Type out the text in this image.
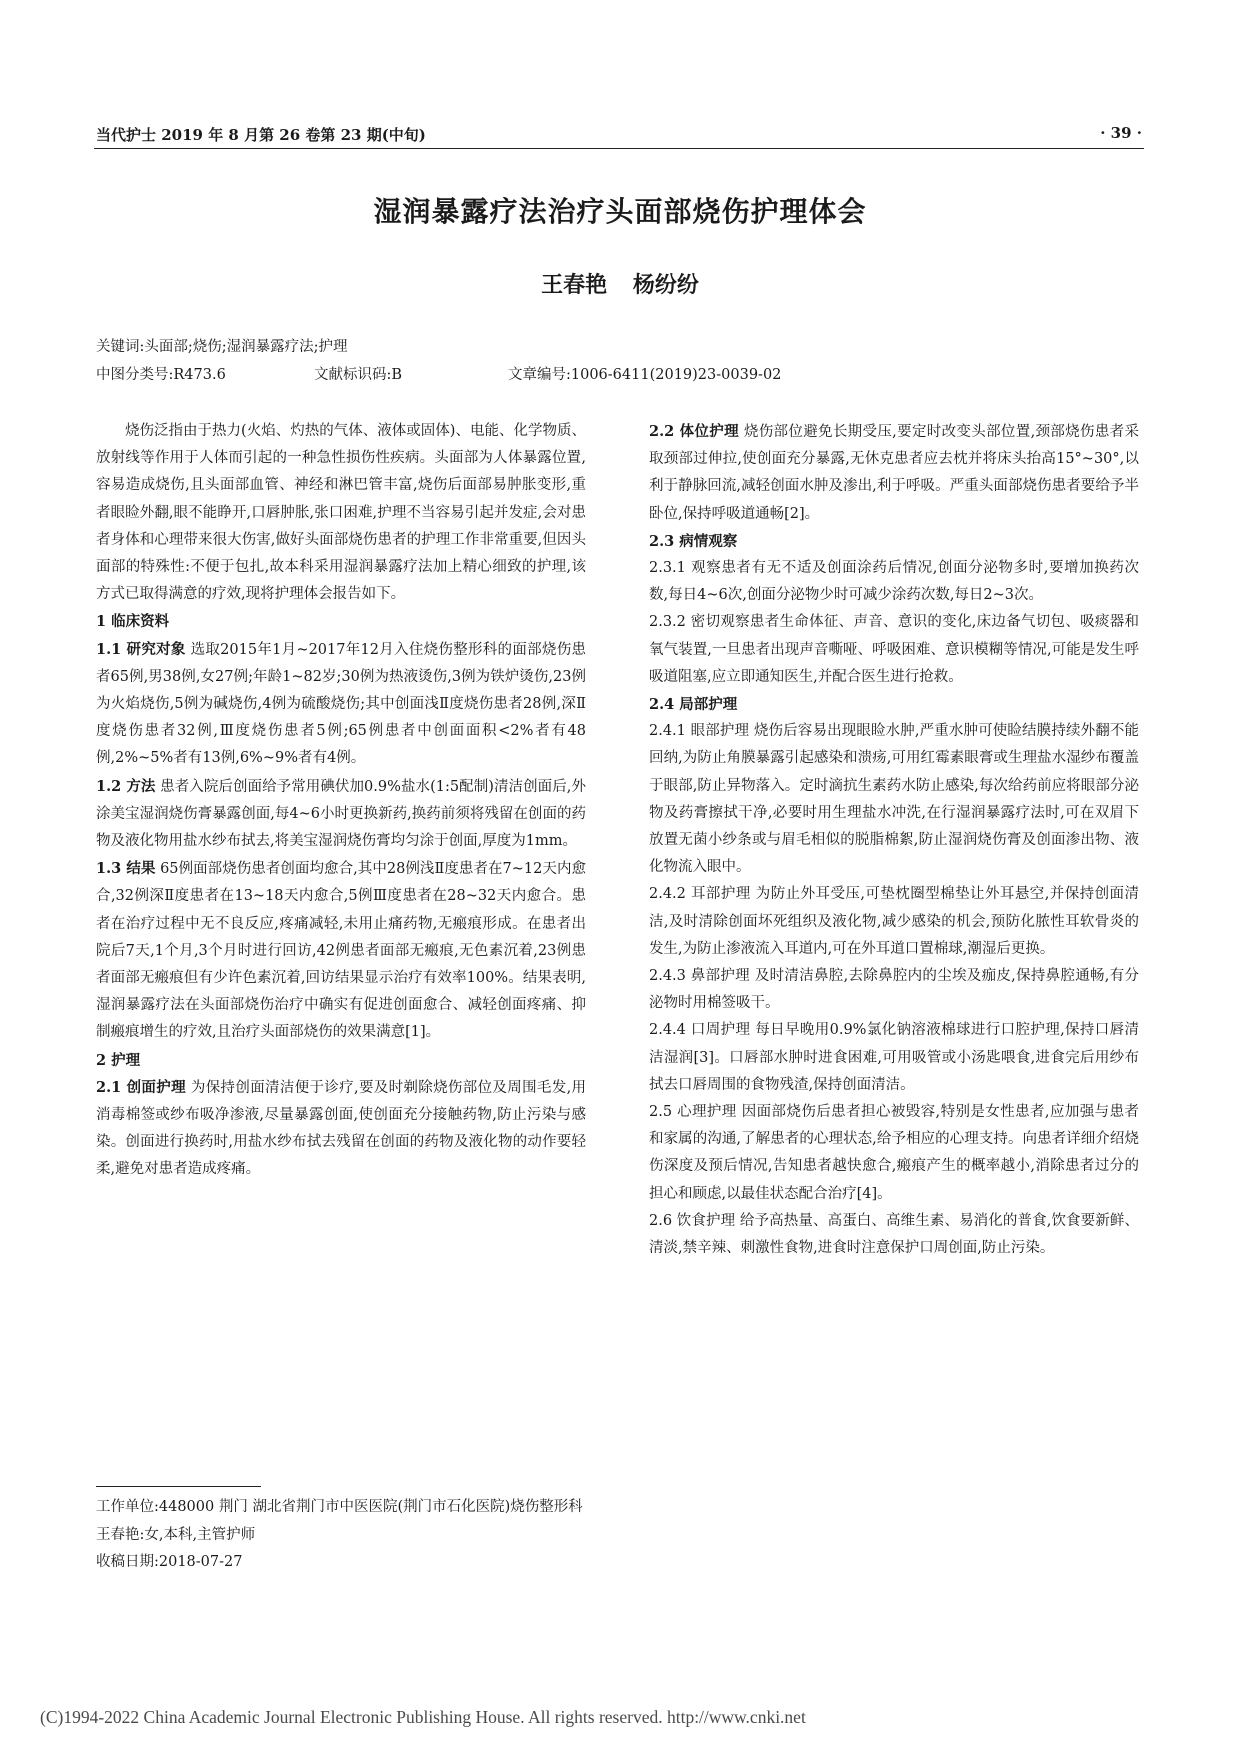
当代护士 2019 年 8 月第 26 卷第 23 期(中旬)	· 39 ·
湿润暴露疗法治疗头面部烧伤护理体会
王春艳 杨纷纷
关键词:头面部;烧伤;湿润暴露疗法;护理
中图分类号:R473.6	文献标识码:B	文章编号:1006-6411(2019)23-0039-02

烧伤泛指由于热力(火焰、灼热的气体、液体或固体)、电能、化学物质、放射线等作用于人体而引起的一种急性损伤性疾病。头面部为人体暴露位置,容易造成烧伤,且头面部血管、神经和淋巴管丰富,烧伤后面部易肿胀变形,重者眼睑外翻,眼不能睁开,口唇肿胀,张口困难,护理不当容易引起并发症,会对患者身体和心理带来很大伤害,做好头面部烧伤患者的护理工作非常重要,但因头面部的特殊性:不便于包扎,故本科采用湿润暴露疗法加上精心细致的护理,该方式已取得满意的疗效,现将护理体会报告如下。

1 临床资料

1.1 研究对象 选取2015年1月~2017年12月入住烧伤整形科的面部烧伤患者65例,男38例,女27例;年龄1~82岁;30例为热液烫伤,3例为铁炉烫伤,23例为火焰烧伤,5例为碱烧伤,4例为硫酸烧伤;其中创面浅Ⅱ度烧伤患者28例,深Ⅱ度烧伤患者32例,Ⅲ度烧伤患者5例;65例患者中创面面积<2%者有48例,2%~5%者有13例,6%~9%者有4例。

1.2 方法 患者入院后创面给予常用碘伏加0.9%盐水(1:5配制)清洁创面后,外涂美宝湿润烧伤膏暴露创面,每4~6小时更换新药,换药前须将残留在创面的药物及液化物用盐水纱布拭去,将美宝湿润烧伤膏均匀涂于创面,厚度为1mm。

1.3 结果 65例面部烧伤患者创面均愈合,其中28例浅Ⅱ度患者在7~12天内愈合,32例深Ⅱ度患者在13~18天内愈合,5例Ⅲ度患者在28~32天内愈合。患者在治疗过程中无不良反应,疼痛减轻,未用止痛药物,无瘢痕形成。在患者出院后7天,1个月,3个月时进行回访,42例患者面部无瘢痕,无色素沉着,23例患者面部无瘢痕但有少许色素沉着,回访结果显示治疗有效率100%。结果表明,湿润暴露疗法在头面部烧伤治疗中确实有促进创面愈合、减轻创面疼痛、抑制瘢痕增生的疗效,且治疗头面部烧伤的效果满意[1]。

2 护理

2.1 创面护理 为保持创面清洁便于诊疗,要及时剃除烧伤部位及周围毛发,用消毒棉签或纱布吸净渗液,尽量暴露创面,使创面充分接触药物,防止污染与感染。创面进行换药时,用盐水纱布拭去残留在创面的药物及液化物的动作要轻柔,避免对患者造成疼痛。

2.2 体位护理 烧伤部位避免长期受压,要定时改变头部位置,颈部烧伤患者采取颈部过伸拉,使创面充分暴露,无休克患者应去枕并将床头抬高15°~30°,以利于静脉回流,减轻创面水肿及渗出,利于呼吸。严重头面部烧伤患者要给予半卧位,保持呼吸道通畅[2]。

2.3 病情观察

2.3.1 观察患者有无不适及创面涂药后情况,创面分泌物多时,要增加换药次数,每日4~6次,创面分泌物少时可减少涂药次数,每日2~3次。

2.3.2 密切观察患者生命体征、声音、意识的变化,床边备气切包、吸痰器和氧气装置,一旦患者出现声音嘶哑、呼吸困难、意识模糊等情况,可能是发生呼吸道阻塞,应立即通知医生,并配合医生进行抢救。

2.4 局部护理

2.4.1 眼部护理 烧伤后容易出现眼睑水肿,严重水肿可使睑结膜持续外翻不能回纳,为防止角膜暴露引起感染和溃疡,可用红霉素眼膏或生理盐水湿纱布覆盖于眼部,防止异物落入。定时滴抗生素药水防止感染,每次给药前应将眼部分泌物及药膏擦拭干净,必要时用生理盐水冲洗,在行湿润暴露疗法时,可在双眉下放置无菌小纱条或与眉毛相似的脱脂棉絮,防止湿润烧伤膏及创面渗出物、液化物流入眼中。

2.4.2 耳部护理 为防止外耳受压,可垫枕圈型棉垫让外耳悬空,并保持创面清洁,及时清除创面坏死组织及液化物,减少感染的机会,预防化脓性耳软骨炎的发生,为防止渗液流入耳道内,可在外耳道口置棉球,潮湿后更换。

2.4.3 鼻部护理 及时清洁鼻腔,去除鼻腔内的尘埃及痂皮,保持鼻腔通畅,有分泌物时用棉签吸干。

2.4.4 口周护理 每日早晚用0.9%氯化钠溶液棉球进行口腔护理,保持口唇清洁湿润[3]。口唇部水肿时进食困难,可用吸管或小汤匙喂食,进食完后用纱布拭去口唇周围的食物残渣,保持创面清洁。

2.5 心理护理 因面部烧伤后患者担心被毁容,特别是女性患者,应加强与患者和家属的沟通,了解患者的心理状态,给予相应的心理支持。向患者详细介绍烧伤深度及预后情况,告知患者越快愈合,瘢痕产生的概率越小,消除患者过分的担心和顾虑,以最佳状态配合治疗[4]。

2.6 饮食护理 给予高热量、高蛋白、高维生素、易消化的普食,饮食要新鲜、清淡,禁辛辣、刺激性食物,进食时注意保护口周创面,防止污染。

工作单位:448000 荆门 湖北省荆门市中医医院(荆门市石化医院)烧伤整形科

王春艳:女,本科,主管护师

收稿日期:2018-07-27

(C)1994-2022 China Academic Journal Electronic Publishing House. All rights reserved. http://www.cnki.net
